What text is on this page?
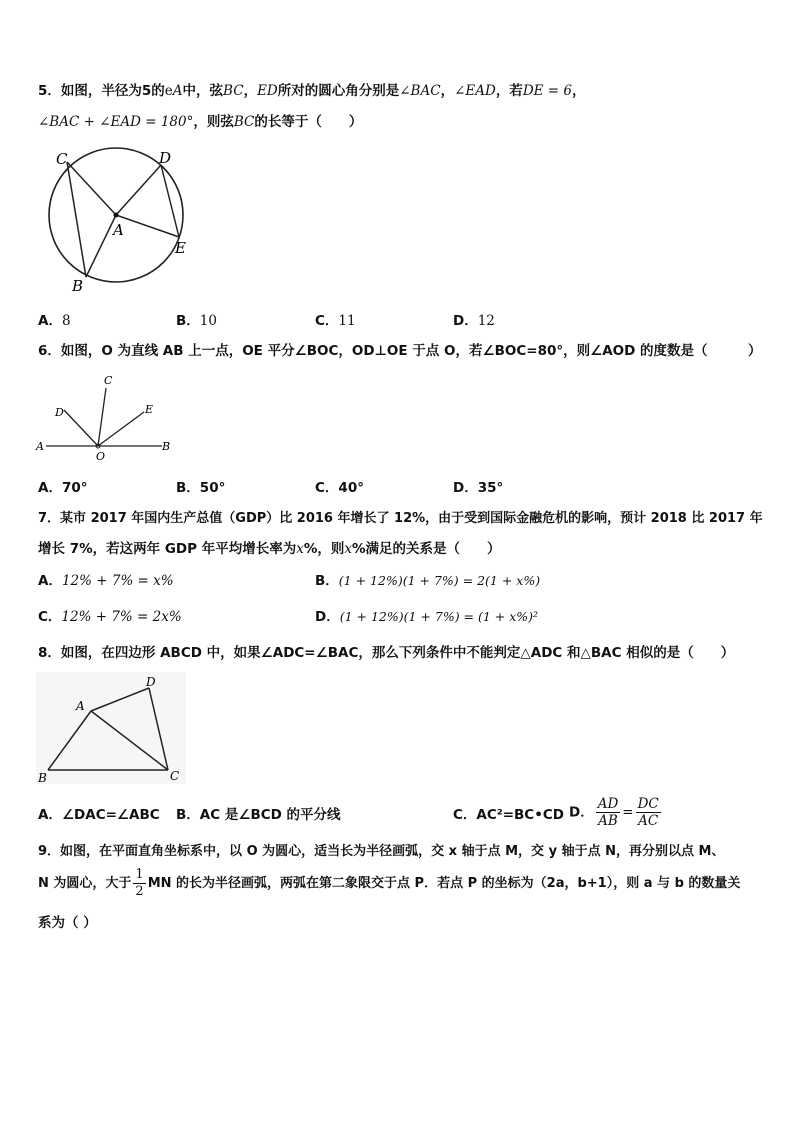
5．如图，半径为5的eA中，弦BC，ED所对的圆心角分别是∠BAC，∠EAD，若DE = 6，
∠BAC + ∠EAD = 180°，则弦BC的长等于（　　）
C	D
A
E
B
A．8	B．10	C．11	D．12
6．如图，O 为直线 AB 上一点，OE 平分∠BOC，OD⊥OE 于点 O，若∠BOC=80°，则∠AOD 的度数是（　　　）
C
D	E
A
O
B
A．70°	B．50°	C．40°	D．35°
7．某市 2017 年国内生产总值（GDP）比 2016 年增长了 12%，由于受到国际金融危机的影响，预计 2018 比 2017 年
增长 7%，若这两年 GDP 年平均增长率为x%，则x%满足的关系是（　　）
A．12% + 7% = x%	B．(1 + 12%)(1 + 7%) = 2(1 + x%)
C．12% + 7% = 2x%	D．(1 + 12%)(1 + 7%) = (1 + x%)²
8．如图，在四边形 ABCD 中，如果∠ADC=∠BAC，那么下列条件中不能判定△ADC 和△BAC 相似的是（　　）
A
D
B	C
A．∠DAC=∠ABC B．AC 是∠BCD 的平分线	C．AC²=BC•CD D． $\frac{AD}{AB} = \frac{DC}{AC}$
9．如图，在平面直角坐标系中，以 O 为圆心，适当长为半径画弧，交 x 轴于点 M，交 y 轴于点 N，再分别以点 M、
N 为圆心，大于 $\frac{1}{2}$ MN 的长为半径画弧，两弧在第二象限交于点 P．若点 P 的坐标为（2a，b+1），则 a 与 b 的数量关
系为（ ）
